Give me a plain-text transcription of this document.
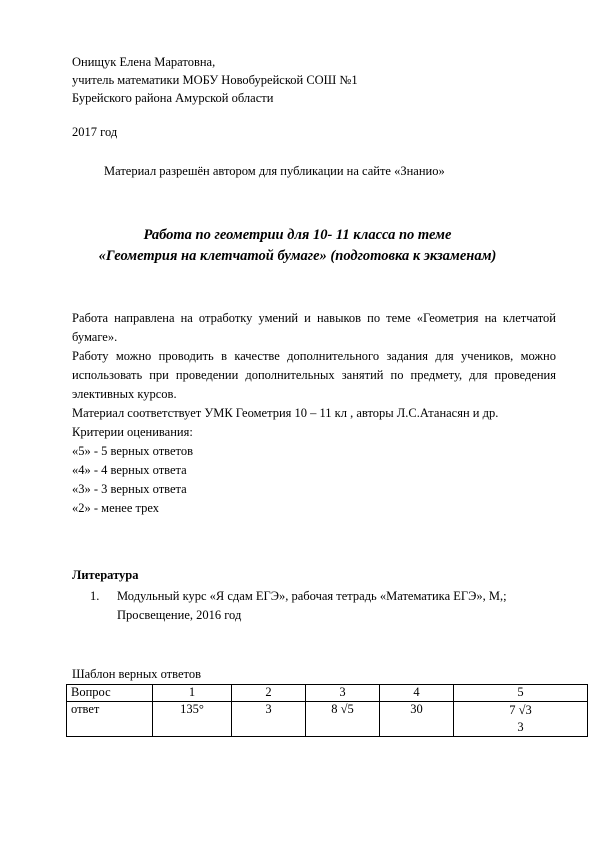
Онищук Елена Маратовна,
учитель математики МОБУ Новобурейской СОШ №1
Бурейского района Амурской области
2017 год
Материал разрешён автором для публикации на сайте «Знанио»
Работа по геометрии для 10- 11 класса по теме
«Геометрия на клетчатой бумаге» (подготовка к экзаменам)

Работа направлена на отработку умений и навыков по теме «Геометрия на клетчатой бумаге».

Работу можно проводить в качестве дополнительного задания для учеников, можно использовать при проведении дополнительных занятий по предмету, для проведения элективных курсов.

Материал соответствует УМК Геометрия 10 – 11 кл , авторы Л.С.Атанасян и др.

Критерии оценивания:
«5» - 5 верных ответов
«4» - 4 верных ответа
«3» - 3 верных ответа
«2» - менее трех
Литература
1. Модульный курс «Я сдам ЕГЭ», рабочая тетрадь «Математика ЕГЭ», М,;
Просвещение, 2016 год
Шаблон верных ответов
Вопрос	1	2	3	4	5
ответ	135°	3	8 √5	30	7 √3
3
